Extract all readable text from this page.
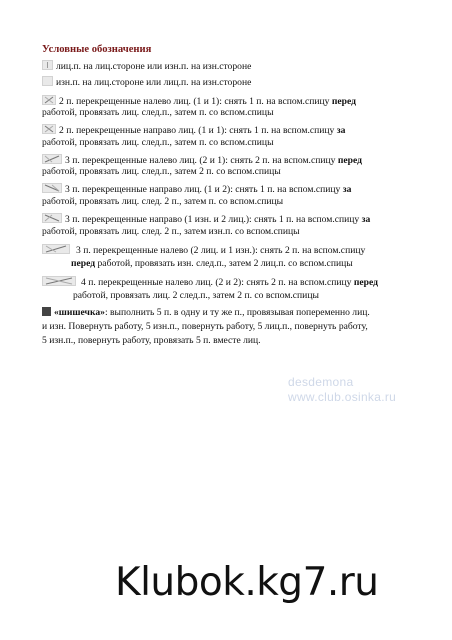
Условные обозначения
лиц.п. на лиц.стороне или изн.п. на изн.стороне
изн.п. на лиц.стороне или лиц.п. на изн.стороне
2 п. перекрещенные налево лиц. (1 и 1): снять 1 п. на вспом.спицу перед
работой, провязать лиц. след.п., затем п. со вспом.спицы
2 п. перекрещенные направо лиц. (1 и 1): снять 1 п. на вспом.спицу за
работой, провязать лиц. след.п., затем п. со вспом.спицы
3 п. перекрещенные налево лиц. (2 и 1): снять 2 п. на вспом.спицу перед
работой, провязать лиц. след.п., затем 2 п. со вспом.спицы
3 п. перекрещенные направо лиц. (1 и 2): снять 1 п. на вспом.спицу за
работой, провязать лиц. след. 2 п., затем п. со вспом.спицы
3 п. перекрещенные направо (1 изн. и 2 лиц.): снять 1 п. на вспом.спицу за
работой, провязать лиц. след. 2 п., затем изн.п. со вспом.спицы
3 п. перекрещенные налево (2 лиц. и 1 изн.): снять 2 п. на вспом.спицу
перед работой, провязать изн. след.п., затем 2 лиц.п. со вспом.спицы
4 п. перекрещенные налево лиц. (2 и 2): снять 2 п. на вспом.спицу перед
работой, провязать лиц. 2 след.п., затем 2 п. со вспом.спицы
«шишечка»: выполнить 5 п. в одну и ту же п., провязывая попеременно лиц.
и изн. Повернуть работу, 5 изн.п., повернуть работу, 5 лиц.п., повернуть работу,
5 изн.п., повернуть работу, провязать 5 п. вместе лиц.
desdemona
www.club.osinka.ru
Klubok.kg7.ru
